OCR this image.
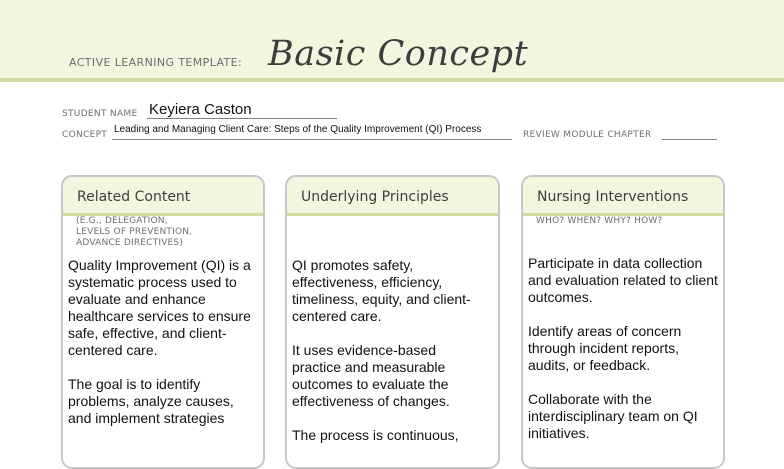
ACTIVE LEARNING TEMPLATE: Basic Concept
STUDENT NAME Keyiera Caston
CONCEPT Leading and Managing Client Care: Steps of the Quality Improvement (QI) Process	REVIEW MODULE CHAPTER
Related Content
(E.G., DELEGATION,
LEVELS OF PREVENTION,
ADVANCE DIRECTIVES)

Quality Improvement (QI) is a systematic process used to evaluate and enhance healthcare services to ensure safe, effective, and client-centered care.

The goal is to identify problems, analyze causes, and implement strategies

Underlying Principles

QI promotes safety, effectiveness, efficiency, timeliness, equity, and client-centered care.

It uses evidence-based practice and measurable outcomes to evaluate the effectiveness of changes.

The process is continuous,

Nursing Interventions
WHO? WHEN? WHY? HOW?

Participate in data collection and evaluation related to client outcomes.

Identify areas of concern through incident reports, audits, or feedback.

Collaborate with the interdisciplinary team on QI initiatives.
